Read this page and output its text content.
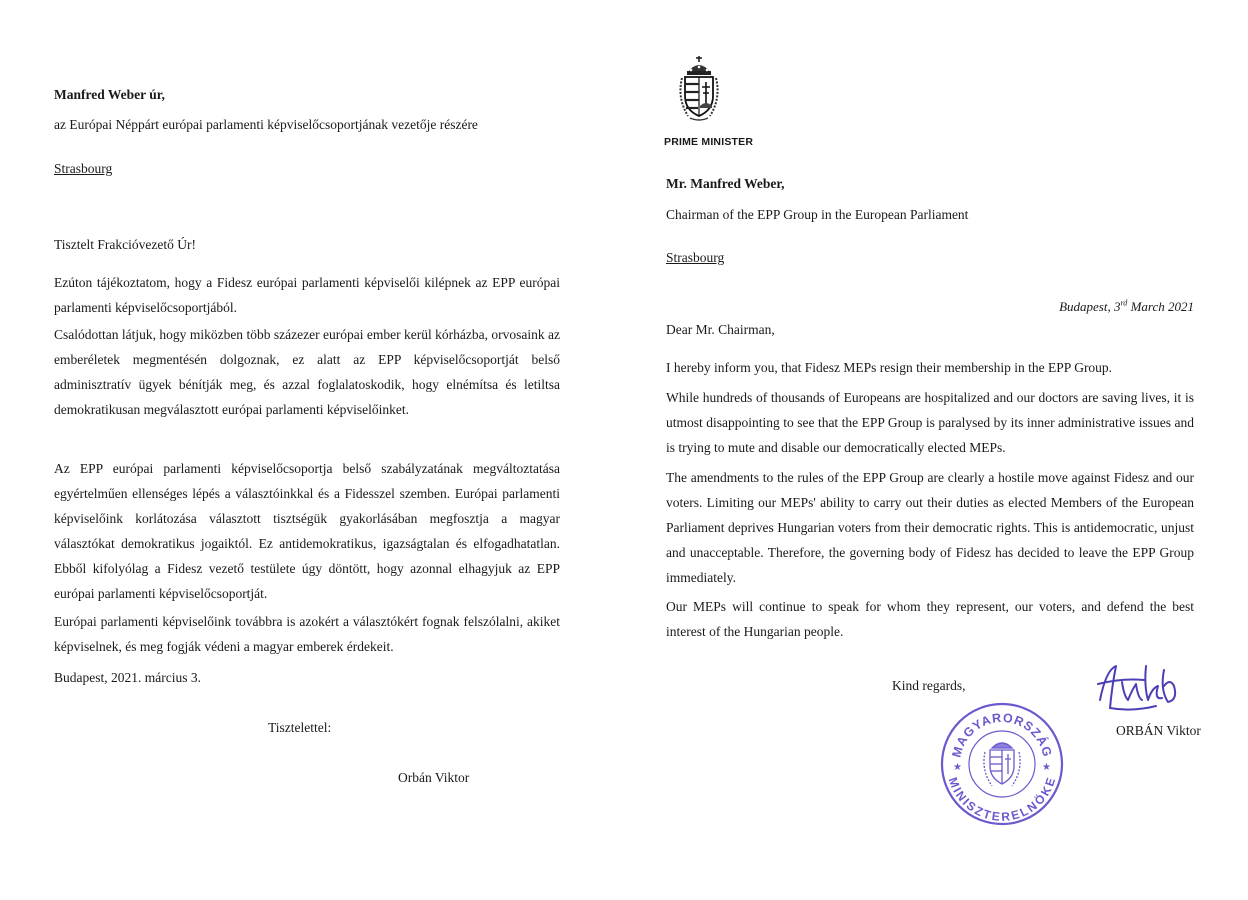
Manfred Weber úr,
az Európai Néppárt európai parlamenti képviselőcsoportjának vezetője részére
Strasbourg
Tisztelt Frakcióvezető Úr!

Ezúton tájékoztatom, hogy a Fidesz európai parlamenti képviselői kilépnek az EPP európai parlamenti képviselőcsoportjából.

Csalódottan látjuk, hogy miközben több százezer európai ember kerül kórházba, orvosaink az emberéletek megmentésén dolgoznak, ez alatt az EPP képviselőcsoportját belső adminisztratív ügyek bénítják meg, és azzal foglalatoskodik, hogy elnémítsa és letiltsa demokratikusan megválasztott európai parlamenti képviselőinket.

Az EPP európai parlamenti képviselőcsoportja belső szabályzatának megváltoztatása egyértelműen ellenséges lépés a választóinkkal és a Fidesszel szemben. Európai parlamenti képviselőink korlátozása választott tisztségük gyakorlásában megfosztja a magyar választókat demokratikus jogaiktól. Ez antidemokratikus, igazságtalan és elfogadhatatlan. Ebből kifolyólag a Fidesz vezető testülete úgy döntött, hogy azonnal elhagyjuk az EPP európai parlamenti képviselőcsoportját.

Európai parlamenti képviselőink továbbra is azokért a választókért fognak felszólalni, akiket képviselnek, és meg fogják védeni a magyar emberek érdekeit.

Budapest, 2021. március 3.
Tisztelettel:
Orbán Viktor
PRIME MINISTER
Mr. Manfred Weber,
Chairman of the EPP Group in the European Parliament
Strasbourg
Budapest, 3rd March 2021
Dear Mr. Chairman,

I hereby inform you, that Fidesz MEPs resign their membership in the EPP Group.

While hundreds of thousands of Europeans are hospitalized and our doctors are saving lives, it is utmost disappointing to see that the EPP Group is paralysed by its inner administrative issues and is trying to mute and disable our democratically elected MEPs.

The amendments to the rules of the EPP Group are clearly a hostile move against Fidesz and our voters. Limiting our MEPs' ability to carry out their duties as elected Members of the European Parliament deprives Hungarian voters from their democratic rights. This is antidemocratic, unjust and unacceptable. Therefore, the governing body of Fidesz has decided to leave the EPP Group immediately.

Our MEPs will continue to speak for whom they represent, our voters, and defend the best interest of the Hungarian people.

Kind regards,
ORBÁN Viktor
MAGYARORSZÁG
MINISZTERELNÖKE
★	★
